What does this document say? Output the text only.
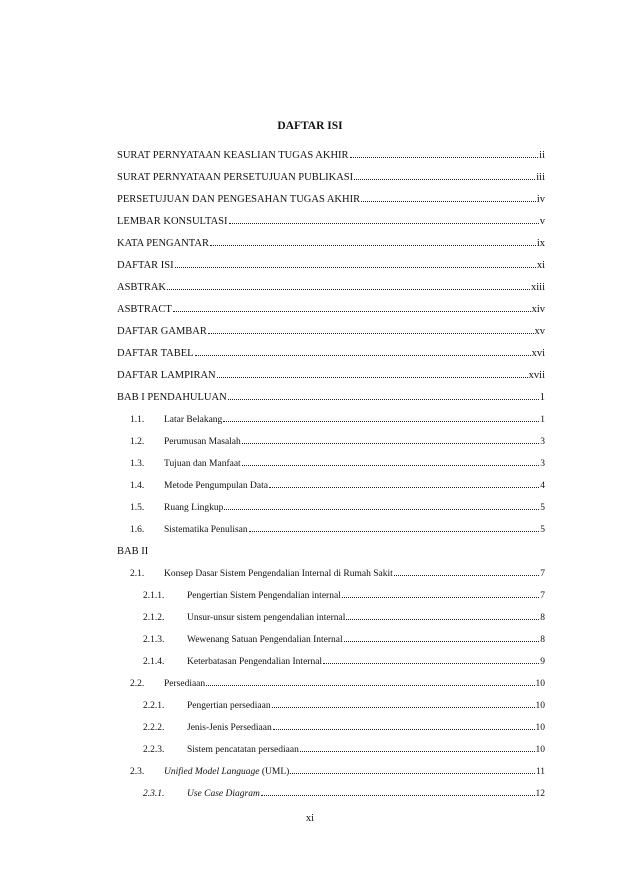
DAFTAR ISI
SURAT PERNYATAAN KEASLIAN TUGAS AKHIR	ii
SURAT PERNYATAAN PERSETUJUAN PUBLIKASI	iii
PERSETUJUAN DAN PENGESAHAN TUGAS AKHIR	iv
LEMBAR KONSULTASI	v
KATA PENGANTAR	ix
DAFTAR ISI	xi
ASBTRAK	xiii
ASBTRACT	xiv
DAFTAR GAMBAR	xv
DAFTAR TABEL	xvi
DAFTAR LAMPIRAN	xvii
BAB I PENDAHULUAN	1
1.1.	Latar Belakang	1
1.2.	Perumusan Masalah	3
1.3.	Tujuan dan Manfaat	3
1.4.	Metode Pengumpulan Data	4
1.5.	Ruang Lingkup	5
1.6.	Sistematika Penulisan	5
BAB II
2.1.	Konsep Dasar Sistem Pengendalian Internal di Rumah Sakit	7
2.1.1.	Pengertian Sistem Pengendalian internal	7
2.1.2.	Unsur-unsur sistem pengendalian internal	8
2.1.3.	Wewenang Satuan Pengendalian Internal	8
2.1.4.	Keterbatasan Pengendalian Internal	9
2.2.	Persediaan	10
2.2.1.	Pengertian persediaan	10
2.2.2.	Jenis-Jenis Persediaan	10
2.2.3.	Sistem pencatatan persediaan	10
2.3.	Unified Model Language (UML)	11
2.3.1.	Use Case Diagram	12
xi
